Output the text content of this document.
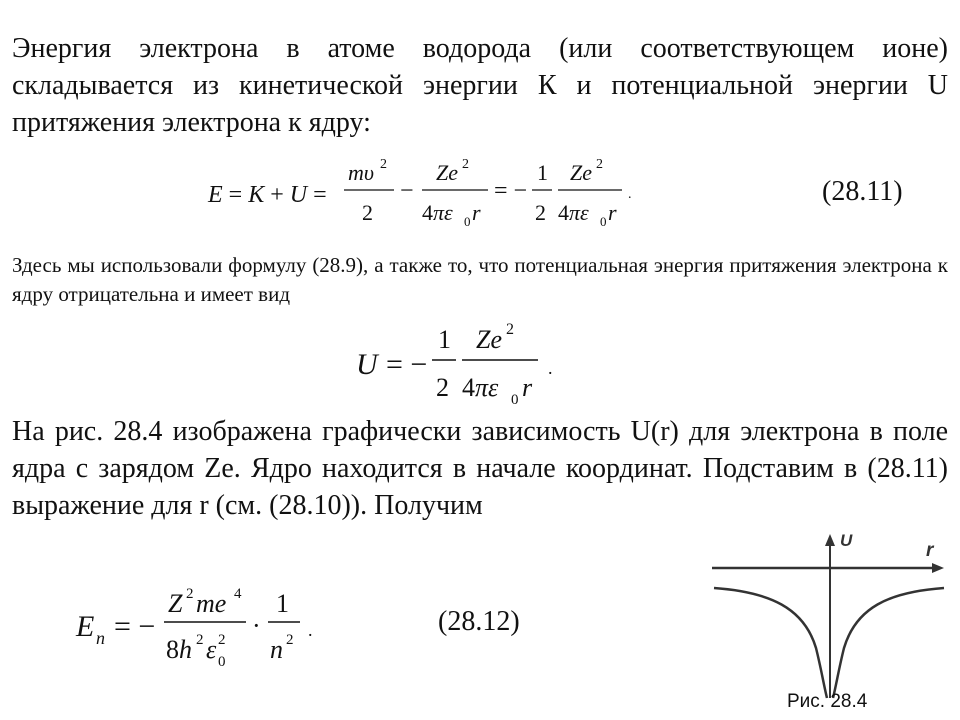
Энергия электрона в атоме водорода (или соответствующем ионе) складывается из кинетической энергии К и потенциальной энергии U притяжения электрона к ядру:

E = K + U =
mυ 2
2
−
Ze 2
4πε 0 r
= −
1
2
Ze 2
4πε 0 r
.	(28.11)

Здесь мы использовали формулу (28.9), а также то, что потенциальная энергия притяжения электрона к ядру отрицательна и имеет вид

U = −
1
2
Ze 2
4πε 0 r
.

На рис. 28.4 изображена графически зависимость U(r) для электрона в поле ядра с зарядом Ze. Ядро находится в начале координат. Подставим в (28.11) выражение для r (см. (28.10)). Получим

E n = −
Z 2 me 4
8h 2 ε 2
0
·
1
n 2 .	(28.12)
U	r
Рис. 28.4
